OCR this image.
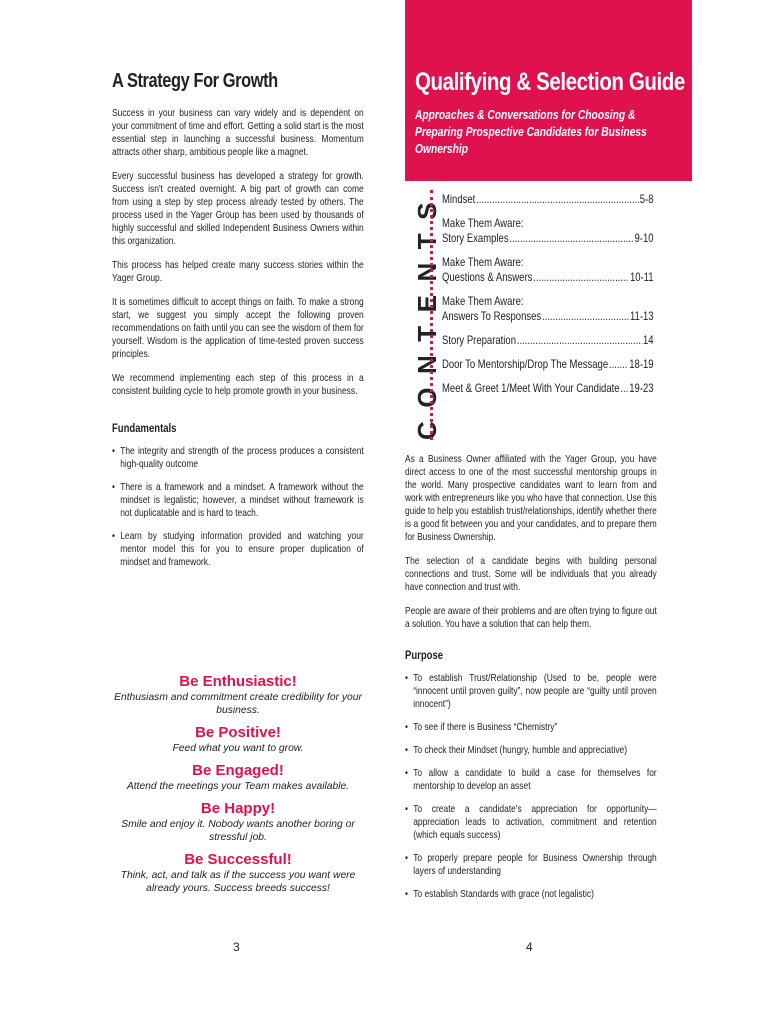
A Strategy For Growth

Success in your business can vary widely and is dependent on your commitment of time and effort. Getting a solid start is the most essential step in launching a successful business. Momentum attracts other sharp, ambitious people like a magnet.

Every successful business has developed a strategy for growth. Success isn't created overnight. A big part of growth can come from using a step by step process already tested by others. The process used in the Yager Group has been used by thousands of highly successful and skilled Independent Business Owners within this organization.

This process has helped create many success stories within the Yager Group.

It is sometimes difficult to accept things on faith. To make a strong start, we suggest you simply accept the following proven recommendations on faith until you can see the wisdom of them for yourself. Wisdom is the application of time-tested proven success principles.

We recommend implementing each step of this process in a consistent building cycle to help promote growth in your business.

Fundamentals
• The integrity and strength of the process produces a consistent high-quality outcome
• There is a framework and a mindset. A framework without the mindset is legalistic; however, a mindset without framework is not duplicatable and is hard to teach.
• Learn by studying information provided and watching your mentor model this for you to ensure proper duplication of mindset and framework.
Be Enthusiastic!
Enthusiasm and commitment create credibility for your business.
Be Positive!
Feed what you want to grow.
Be Engaged!
Attend the meetings your Team makes available.
Be Happy!
Smile and enjoy it. Nobody wants another boring or stressful job.
Be Successful!
Think, act, and talk as if the success you want were already yours. Success breeds success!
3
Qualifying & Selection Guide
Approaches & Conversations for Choosing & Preparing Prospective Candidates for Business Ownership
CONTENTS Mindset .....	5-8
Make Them Aware:
Story Examples .....	9-10
Make Them Aware:
Questions & Answers .....	10-11
Make Them Aware:
Answers To Responses .....	11-13
Story Preparation .....	14
Door To Mentorship/Drop The Message ..... 18-19
Meet & Greet 1/Meet With Your Candidate ..... 19-23

As a Business Owner affiliated with the Yager Group, you have direct access to one of the most successful mentorship groups in the world. Many prospective candidates want to learn from and work with entrepreneurs like you who have that connection. Use this guide to help you establish trust/relationships, identify whether there is a good fit between you and your candidates, and to prepare them for Business Ownership.

The selection of a candidate begins with building personal connections and trust. Some will be individuals that you already have connection and trust with.

People are aware of their problems and are often trying to figure out a solution. You have a solution that can help them.

Purpose
• To establish Trust/Relationship (Used to be, people were “innocent until proven guilty”, now people are “guilty until proven innocent”)
• To see if there is Business “Chemistry”
• To check their Mindset (hungry, humble and appreciative)
• To allow a candidate to build a case for themselves for mentorship to develop an asset
• To create a candidate's appreciation for opportunity—appreciation leads to activation, commitment and retention (which equals success)
• To properly prepare people for Business Ownership through layers of understanding
• To establish Standards with grace (not legalistic)
4
